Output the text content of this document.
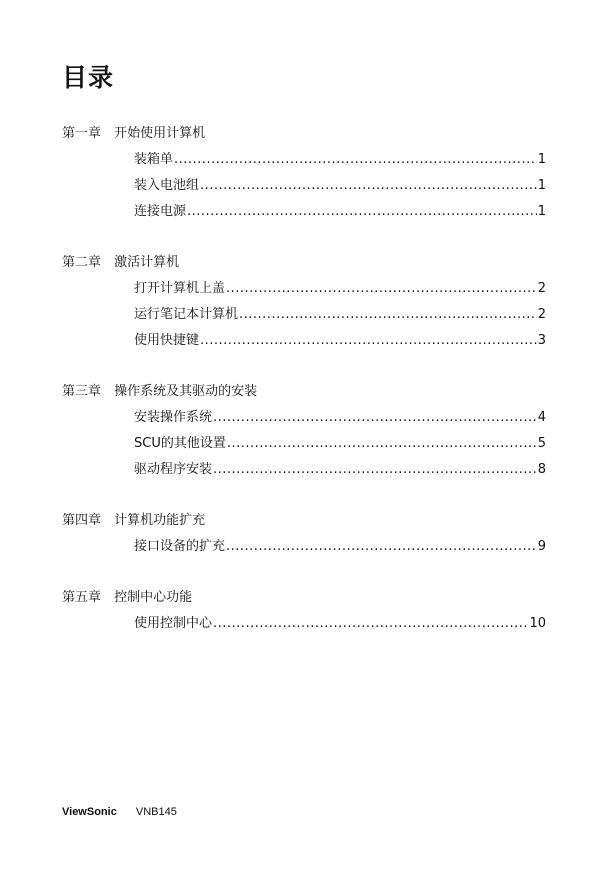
目录
第一章 开始使用计算机
装箱单 .....	1
装入电池组 .....	1
连接电源 .....	1
第二章 激活计算机
打开计算机上盖 .....	2
运行笔记本计算机 .....	2
使用快捷键 .....	3
第三章 操作系统及其驱动的安装
安装操作系统 .....	4
SCU的其他设置 .....	5
驱动程序安装 .....	8
第四章 计算机功能扩充
接口设备的扩充 .....	9
第五章 控制中心功能
使用控制中心 .....	10
ViewSonic VNB145
